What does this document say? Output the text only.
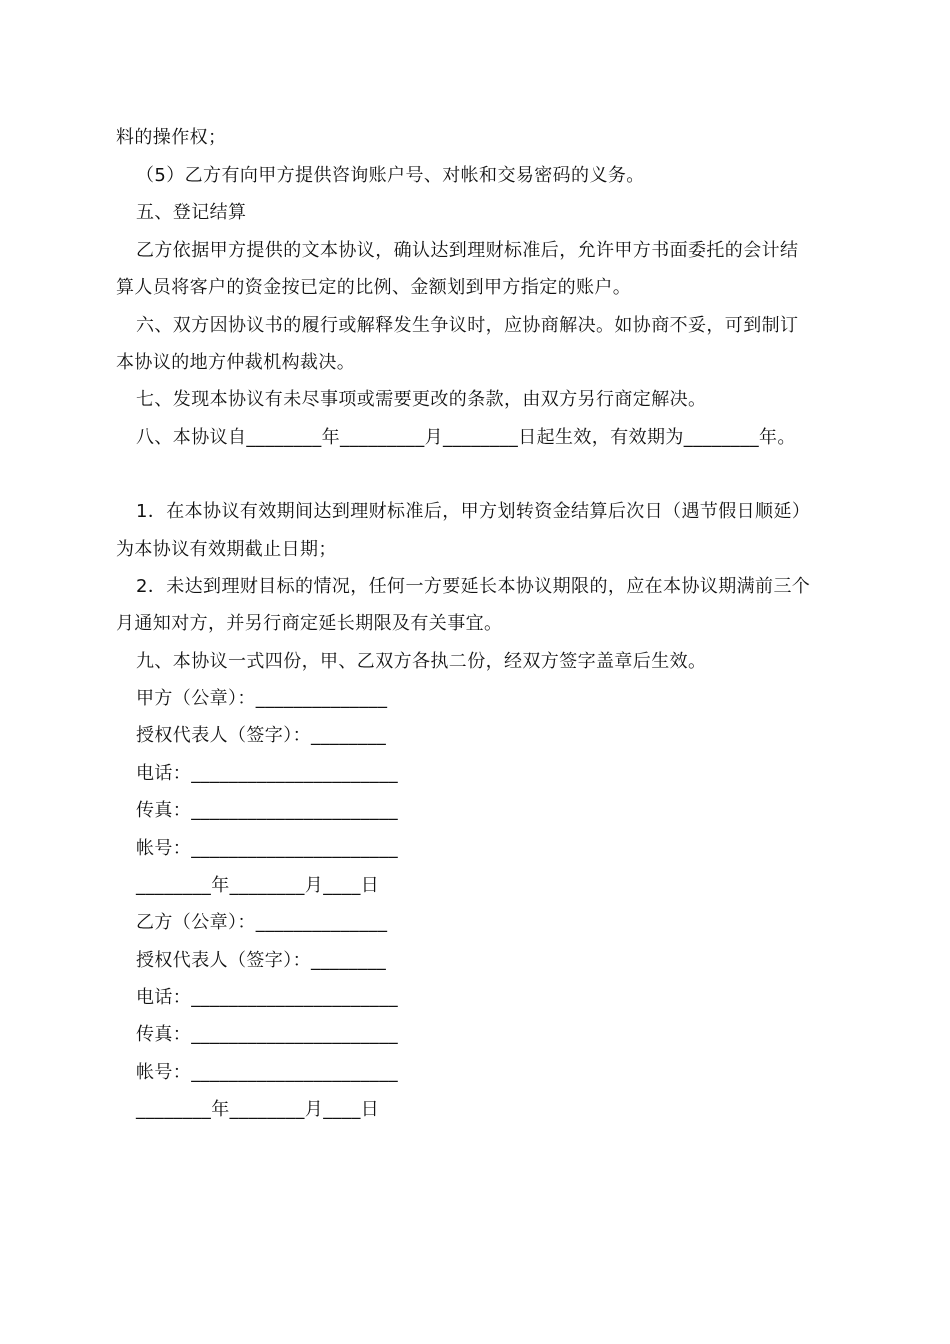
料的操作权；
（5）乙方有向甲方提供咨询账户号、对帐和交易密码的义务。
五、登记结算
乙方依据甲方提供的文本协议，确认达到理财标准后，允许甲方书面委托的会计结
算人员将客户的资金按已定的比例、金额划到甲方指定的账户。
六、双方因协议书的履行或解释发生争议时，应协商解决。如协商不妥，可到制订
本协议的地方仲裁机构裁决。
七、发现本协议有未尽事项或需要更改的条款，由双方另行商定解决。
八、本协议自________年_________月________日起生效，有效期为________年。
1．在本协议有效期间达到理财标准后，甲方划转资金结算后次日（遇节假日顺延）
为本协议有效期截止日期；
2．未达到理财目标的情况，任何一方要延长本协议期限的，应在本协议期满前三个
月通知对方，并另行商定延长期限及有关事宜。
九、本协议一式四份，甲、乙双方各执二份，经双方签字盖章后生效。
甲方（公章）：______________
授权代表人（签字）：________
电话：______________________
传真：______________________
帐号：______________________
________年________月____日
乙方（公章）：______________
授权代表人（签字）：________
电话：______________________
传真：______________________
帐号：______________________
________年________月____日
